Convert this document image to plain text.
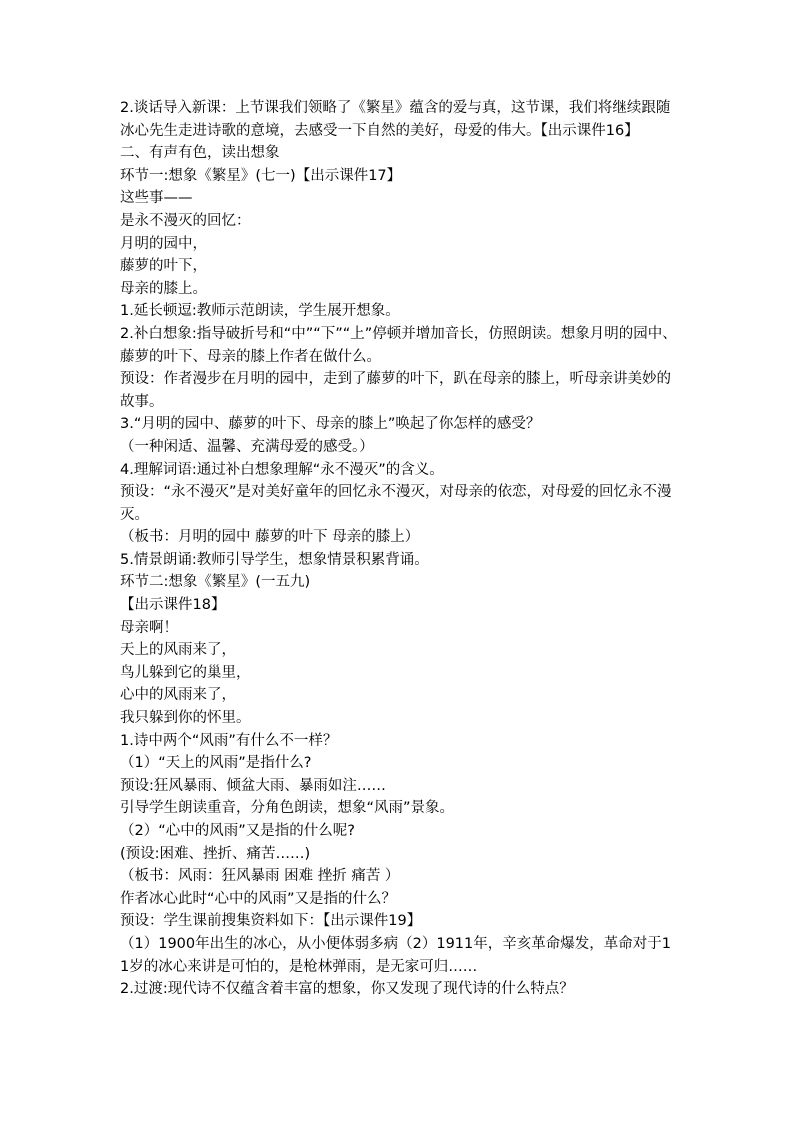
2.谈话导入新课：上节课我们领略了《繁星》蕴含的爱与真，这节课，我们将继续跟随冰心先生走进诗歌的意境，去感受一下自然的美好，母爱的伟大。【出示课件16】

二、有声有色，读出想象

环节一:想象《繁星》(七一)【出示课件17】

这些事——

是永不漫灭的回忆：

月明的园中，

藤萝的叶下，

母亲的膝上。

1.延长顿逗:教师示范朗读，学生展开想象。

2.补白想象:指导破折号和“中”“下”“上”停顿并增加音长，仿照朗读。想象月明的园中、藤萝的叶下、母亲的膝上作者在做什么。

预设：作者漫步在月明的园中，走到了藤萝的叶下，趴在母亲的膝上，听母亲讲美妙的故事。

3.“月明的园中、藤萝的叶下、母亲的膝上”唤起了你怎样的感受？

（一种闲适、温馨、充满母爱的感受。）

4.理解词语:通过补白想象理解“永不漫灭”的含义。

预设：“永不漫灭”是对美好童年的回忆永不漫灭，对母亲的依恋，对母爱的回忆永不漫灭。

（板书：月明的园中 藤萝的叶下 母亲的膝上）

5.情景朗诵:教师引导学生，想象情景积累背诵。

环节二:想象《繁星》(一五九)

【出示课件18】

母亲啊！

天上的风雨来了，

鸟儿躲到它的巢里，

心中的风雨来了，

我只躲到你的怀里。

1.诗中两个“风雨”有什么不一样？

（1）“天上的风雨”是指什么?

预设:狂风暴雨、倾盆大雨、暴雨如注……

引导学生朗读重音，分角色朗读，想象“风雨”景象。

（2）“心中的风雨”又是指的什么呢?

(预设:困难、挫折、痛苦……)

（板书：风雨：狂风暴雨 困难 挫折 痛苦 ）

作者冰心此时“心中的风雨”又是指的什么？

预设：学生课前搜集资料如下：【出示课件19】

（1）1900年出生的冰心，从小便体弱多病（2）1911年，辛亥革命爆发，革命对于11岁的冰心来讲是可怕的，是枪林弹雨，是无家可归……

2.过渡:现代诗不仅蕴含着丰富的想象，你又发现了现代诗的什么特点？
